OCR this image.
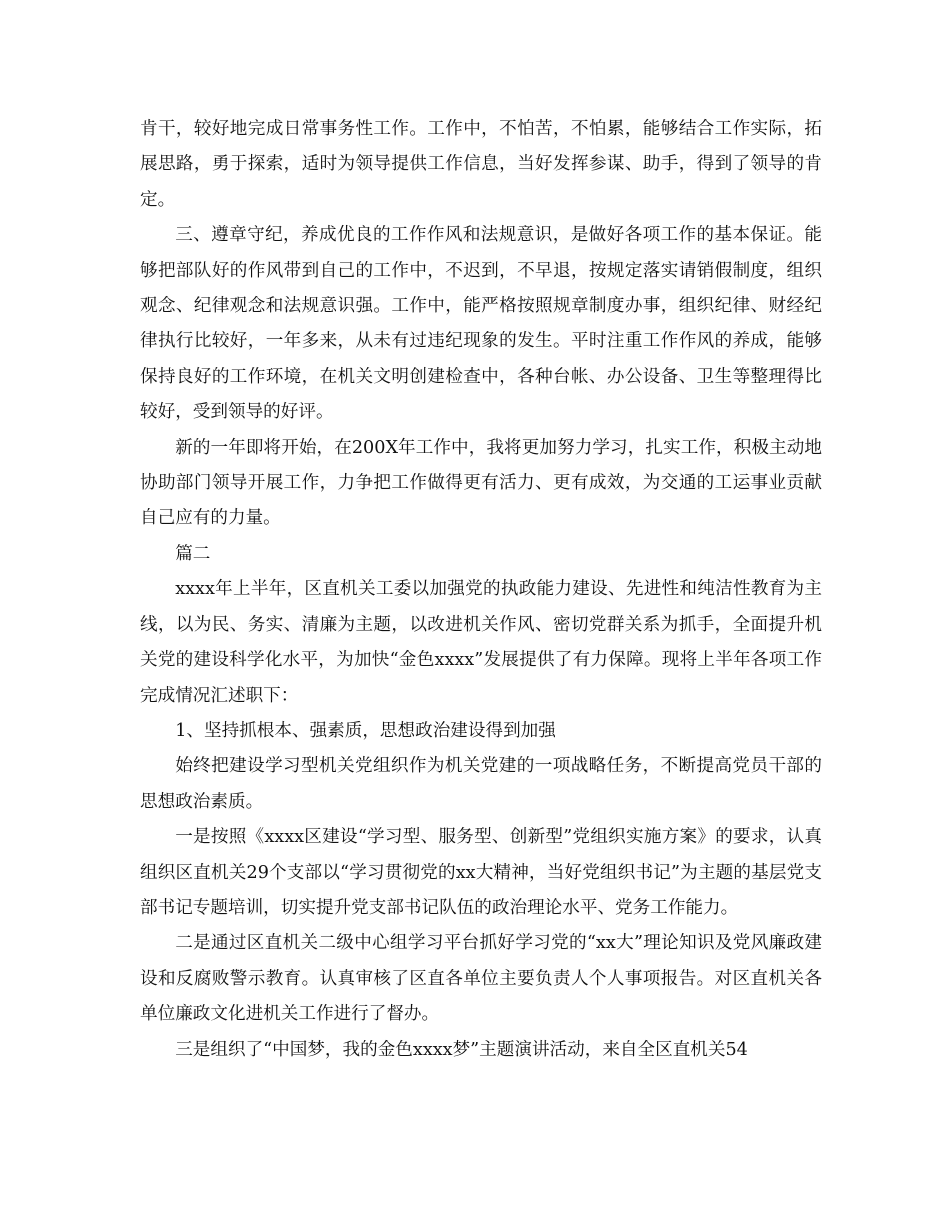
肯干，较好地完成日常事务性工作。工作中，不怕苦，不怕累，能够结合工作实际，拓展思路，勇于探索，适时为领导提供工作信息，当好发挥参谋、助手，得到了领导的肯定。

三、遵章守纪，养成优良的工作作风和法规意识，是做好各项工作的基本保证。能够把部队好的作风带到自己的工作中，不迟到，不早退，按规定落实请销假制度，组织观念、纪律观念和法规意识强。工作中，能严格按照规章制度办事，组织纪律、财经纪律执行比较好，一年多来，从未有过违纪现象的发生。平时注重工作作风的养成，能够保持良好的工作环境，在机关文明创建检查中，各种台帐、办公设备、卫生等整理得比较好，受到领导的好评。

新的一年即将开始，在200X年工作中，我将更加努力学习，扎实工作，积极主动地协助部门领导开展工作，力争把工作做得更有活力、更有成效，为交通的工运事业贡献自己应有的力量。

篇二

xxxx年上半年，区直机关工委以加强党的执政能力建设、先进性和纯洁性教育为主线，以为民、务实、清廉为主题，以改进机关作风、密切党群关系为抓手，全面提升机关党的建设科学化水平，为加快“金色xxxx”发展提供了有力保障。现将上半年各项工作完成情况汇述职下：

1、坚持抓根本、强素质，思想政治建设得到加强

始终把建设学习型机关党组织作为机关党建的一项战略任务，不断提高党员干部的思想政治素质。

一是按照《xxxx区建设“学习型、服务型、创新型”党组织实施方案》的要求，认真组织区直机关29个支部以“学习贯彻党的xx大精神，当好党组织书记”为主题的基层党支部书记专题培训，切实提升党支部书记队伍的政治理论水平、党务工作能力。

二是通过区直机关二级中心组学习平台抓好学习党的“xx大”理论知识及党风廉政建设和反腐败警示教育。认真审核了区直各单位主要负责人个人事项报告。对区直机关各单位廉政文化进机关工作进行了督办。

三是组织了“中国梦，我的金色xxxx梦”主题演讲活动，来自全区直机关54
